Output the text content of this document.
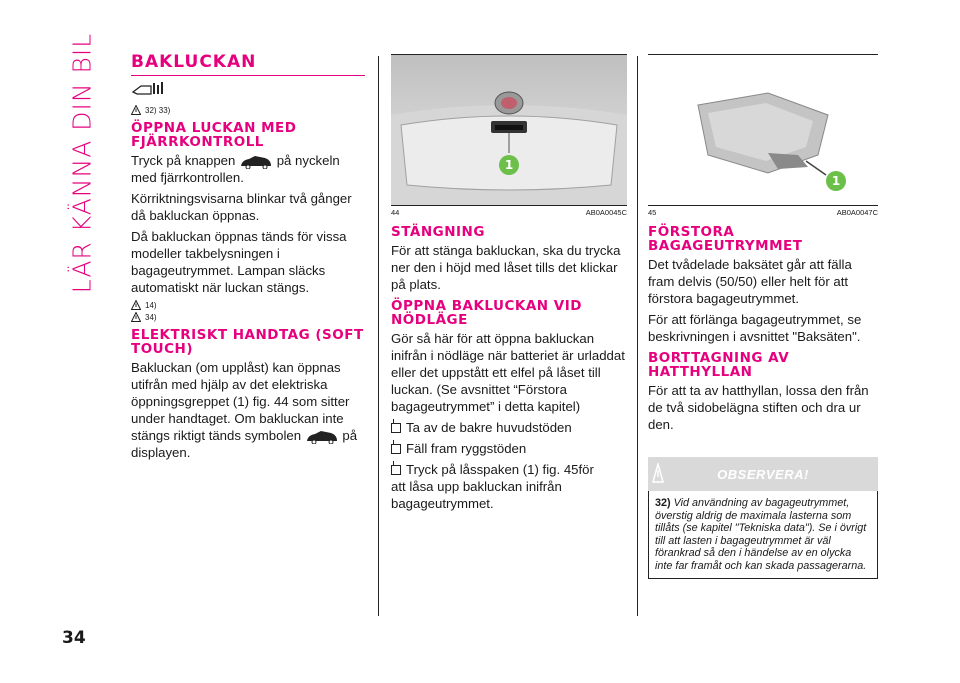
LÄR KÄNNA DIN BIL
34
BAKLUCKAN
32) 33)
ÖPPNA LUCKAN MED FJÄRRKONTROLL

Tryck på knappen	på nyckeln med fjärrkontrollen.

Körriktningsvisarna blinkar två gånger då bakluckan öppnas.

Då bakluckan öppnas tänds för vissa modeller takbelysningen i bagageutrymmet. Lampan släcks automatiskt när luckan stängs.

14)
34)
ELEKTRISKT HANDTAG (SOFT TOUCH)

Bakluckan (om upplåst) kan öppnas utifrån med hjälp av det elektriska öppningsgreppet (1) fig. 44 som sitter under handtaget. Om bakluckan inte stängs riktigt tänds symbolen	på displayen.

1
44	AB0A0045C
STÄNGNING

För att stänga bakluckan, ska du trycka ner den i höjd med låset tills det klickar på plats.

ÖPPNA BAKLUCKAN VID NÖDLÄGE

Gör så här för att öppna bakluckan inifrån i nödläge när batteriet är urladdat eller det uppstått ett elfel på låset till luckan. (Se avsnittet “Förstora bagageutrymmet” i detta kapitel)

Ta av de bakre huvudstöden

Fäll fram ryggstöden

Tryck på låsspaken (1) fig. 45för

att låsa upp bakluckan inifrån bagageutrymmet.

1
45	AB0A0047C
FÖRSTORA BAGAGEUTRYMMET

Det tvådelade baksätet går att fälla fram delvis (50/50) eller helt för att förstora bagageutrymmet.

För att förlänga bagageutrymmet, se beskrivningen i avsnittet "Baksäten".

BORTTAGNING AV HATTHYLLAN

För att ta av hatthyllan, lossa den från de två sidobelägna stiften och dra ur den.

OBSERVERA!
32) Vid användning av bagageutrymmet, överstig aldrig de maximala lasterna som tillåts (se kapitel "Tekniska data"). Se i övrigt till att lasten i bagageutrymmet är väl förankrad så den i händelse av en olycka inte far framåt och kan skada passagerarna.
